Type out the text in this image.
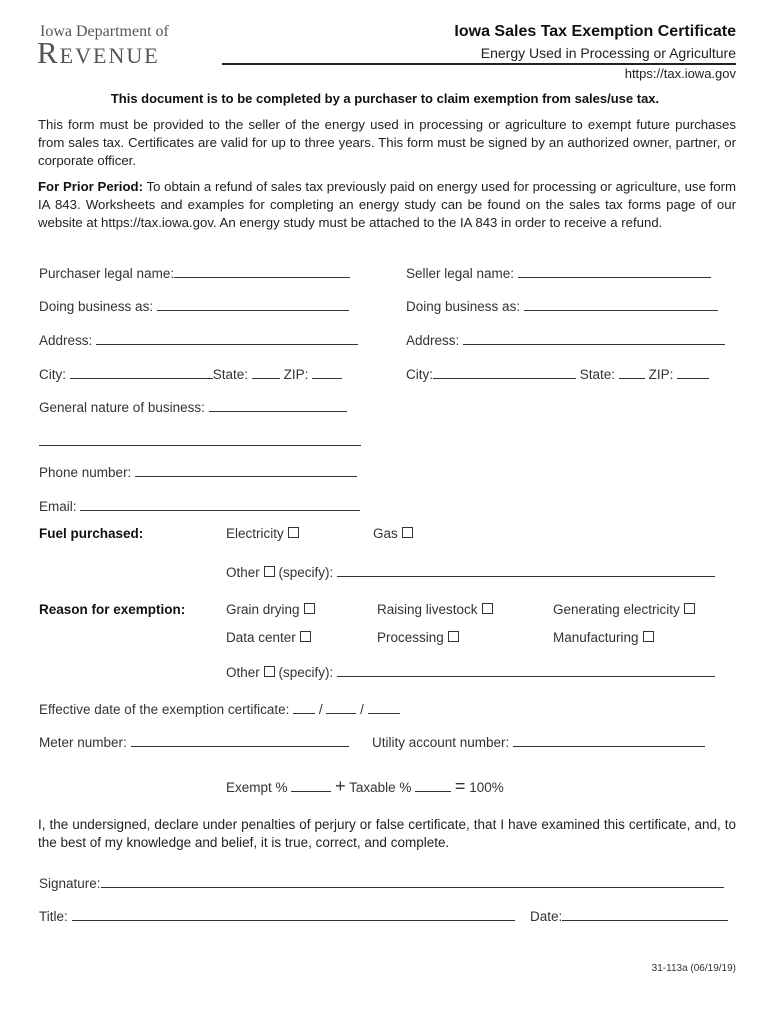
Iowa Department of
Revenue
Iowa Sales Tax Exemption Certificate
Energy Used in Processing or Agriculture
https://tax.iowa.gov
This document is to be completed by a purchaser to claim exemption from sales/use tax.
This form must be provided to the seller of the energy used in processing or agriculture to exempt future purchases from sales tax. Certificates are valid for up to three years. This form must be signed by an authorized owner, partner, or corporate officer.
For Prior Period: To obtain a refund of sales tax previously paid on energy used for processing or agriculture, use form IA 843. Worksheets and examples for completing an energy study can be found on the sales tax forms page of our website at https://tax.iowa.gov. An energy study must be attached to the IA 843 in order to receive a refund.
Purchaser legal name:
Doing business as:
Address:
City:	State:	ZIP:
General nature of business:
Phone number:
Email:
Seller legal name:
Doing business as:
Address:
City:	State: ZIP:
Fuel purchased:	Electricity	Gas
Other (specify):
Reason for exemption:	Grain drying	Raising livestock	Generating electricity
Data center	Processing	Manufacturing
Other (specify):
Effective date of the exemption certificate:  /  /
Meter number:	Utility account number:
Exempt %	+ Taxable % = 100%
I, the undersigned, declare under penalties of perjury or false certificate, that I have examined this certificate, and, to the best of my knowledge and belief, it is true, correct, and complete.
Signature:
Title:	Date:
31-113a (06/19/19)
